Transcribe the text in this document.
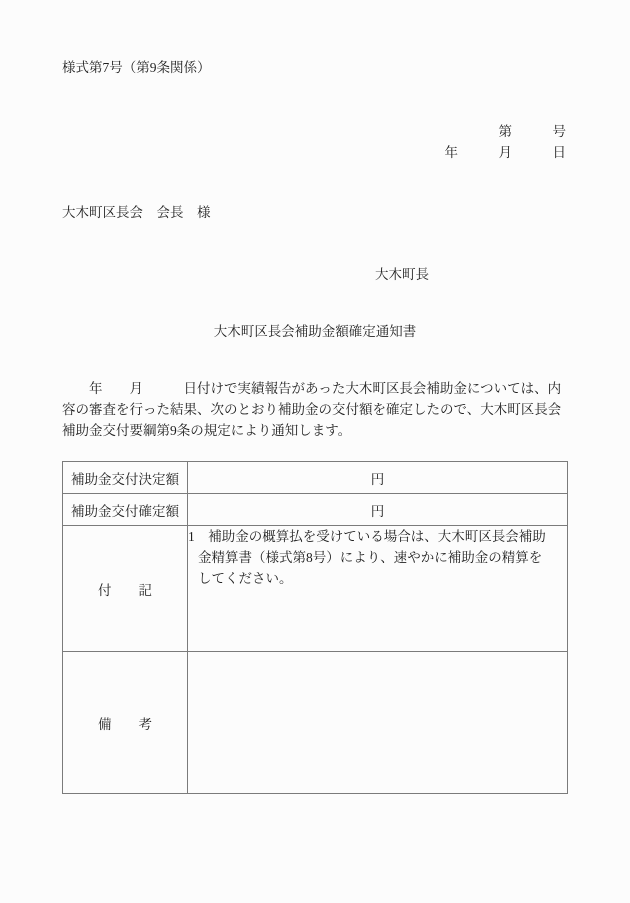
様式第7号（第9条関係）
第　　　号
年　　　月　　　日
大木町区長会　会長　様
大木町長
大木町区長会補助金額確定通知書
　　年　　月　　　日付けで実績報告があった大木町区長会補助金については、内
容の審査を行った結果、次のとおり補助金の交付額を確定したので、大木町区長会
補助金交付要綱第9条の規定により通知します。
補助金交付決定額	円
補助金交付確定額	円
付　　記	1　補助金の概算払を受けている場合は、大木町区長会補助
金精算書（様式第8号）により、速やかに補助金の精算を
してください。

備　　考	
